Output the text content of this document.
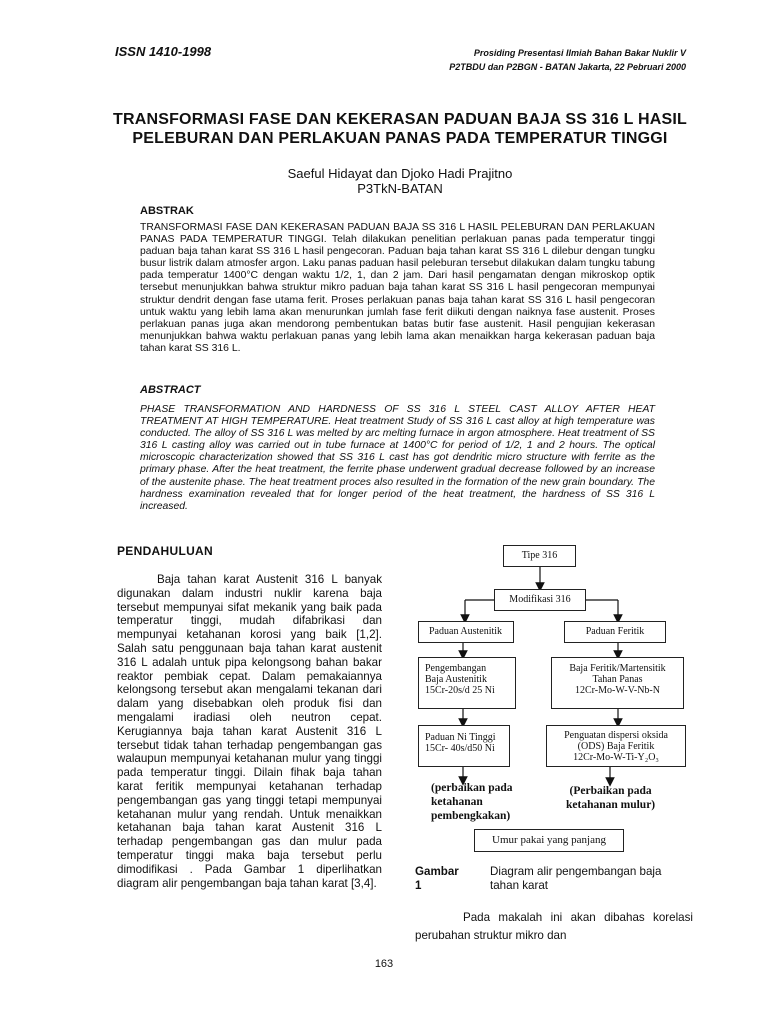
ISSN 1410-1998	Prosiding Presentasi Ilmiah Bahan Bakar Nuklir V
P2TBDU dan P2BGN - BATAN Jakarta, 22 Pebruari 2000
TRANSFORMASI FASE DAN KEKERASAN PADUAN BAJA SS 316 L HASIL PELEBURAN DAN PERLAKUAN PANAS PADA TEMPERATUR TINGGI
Saeful Hidayat dan Djoko Hadi Prajitno
P3TkN-BATAN
ABSTRAK
TRANSFORMASI FASE DAN KEKERASAN PADUAN BAJA SS 316 L HASIL PELEBURAN DAN PERLAKUAN PANAS PADA TEMPERATUR TINGGI. Telah dilakukan penelitian perlakuan panas pada temperatur tinggi paduan baja tahan karat SS 316 L hasil pengecoran. Paduan baja tahan karat SS 316 L dilebur dengan tungku busur listrik dalam atmosfer argon. Laku panas paduan hasil peleburan tersebut dilakukan dalam tungku tabung pada temperatur 1400°C dengan waktu 1/2, 1, dan 2 jam. Dari hasil pengamatan dengan mikroskop optik tersebut menunjukkan bahwa struktur mikro paduan baja tahan karat SS 316 L hasil pengecoran mempunyai struktur dendrit dengan fase utama ferit. Proses perlakuan panas baja tahan karat SS 316 L hasil pengecoran untuk waktu yang lebih lama akan menurunkan jumlah fase ferit diikuti dengan naiknya fase austenit. Proses perlakuan panas juga akan mendorong pembentukan batas butir fase austenit. Hasil pengujian kekerasan menunjukkan bahwa waktu perlakuan panas yang lebih lama akan menaikkan harga kekerasan paduan baja tahan karat SS 316 L.
ABSTRACT
PHASE TRANSFORMATION AND HARDNESS OF SS 316 L STEEL CAST ALLOY AFTER HEAT TREATMENT AT HIGH TEMPERATURE. Heat treatment Study of SS 316 L cast alloy at high temperature was conducted. The alloy of SS 316 L was melted by arc melting furnace in argon atmosphere. Heat treatment of SS 316 L casting alloy was carried out in tube furnace at 1400°C for period of 1/2, 1 and 2 hours. The optical microscopic characterization showed that SS 316 L cast has got dendritic micro structure with ferrite as the primary phase. After the heat treatment, the ferrite phase underwent gradual decrease followed by an increase of the austenite phase. The heat treatment proces also resulted in the formation of the new grain boundary. The hardness examination revealed that for longer period of the heat treatment, the hardness of SS 316 L increased.
PENDAHULUAN
Baja tahan karat Austenit 316 L banyak digunakan dalam industri nuklir karena baja tersebut mempunyai sifat mekanik yang baik pada temperatur tinggi, mudah difabrikasi dan mempunyai ketahanan korosi yang baik [1,2]. Salah satu penggunaan baja tahan karat austenit 316 L adalah untuk pipa kelongsong bahan bakar reaktor pembiak cepat. Dalam pemakaiannya kelongsong tersebut akan mengalami tekanan dari dalam yang disebabkan oleh produk fisi dan mengalami iradiasi oleh neutron cepat. Kerugiannya baja tahan karat Austenit 316 L tersebut tidak tahan terhadap pengembangan gas walaupun mempunyai ketahanan mulur yang tinggi pada temperatur tinggi. Dilain fihak baja tahan karat feritik mempunyai ketahanan terhadap pengembangan gas yang tinggi tetapi mempunyai ketahanan mulur yang rendah. Untuk menaikkan ketahanan baja tahan karat Austenit 316 L terhadap pengembangan gas dan mulur pada temperatur tinggi maka baja tersebut perlu dimodifikasi . Pada Gambar 1 diperlihatkan diagram alir pengembangan baja tahan karat [3,4].
Tipe 316
Modifikasi 316
Paduan Austenitik	Paduan Feritik
Pengembangan
Baja Austenitik
15Cr-20s/d 25 Ni
Baja Feritik/Martensitik
Tahan Panas
12Cr-Mo-W-V-Nb-N
Paduan Ni Tinggi
15Cr- 40s/d50 Ni
Penguatan dispersi oksida
(ODS) Baja Feritik
12Cr-Mo-W-Ti-Y₂O₃
(perbaikan pada
ketahanan
pembengkakan)
(Perbaikan pada
ketahanan mulur)
Umur pakai yang panjang
Gambar 1
Diagram alir pengembangan baja tahan karat
Pada makalah ini akan dibahas korelasi perubahan struktur mikro dan
163
